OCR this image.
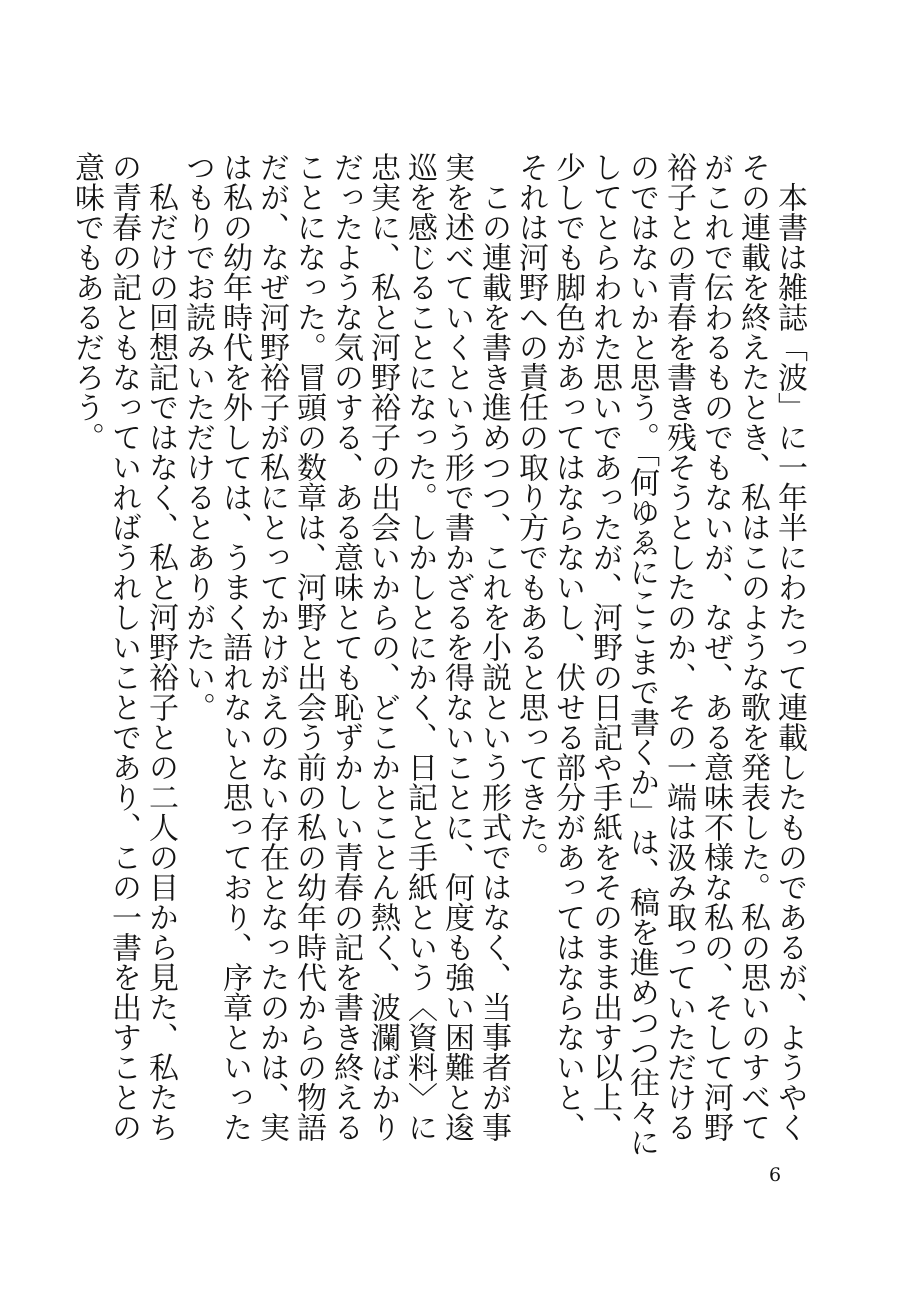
本書は雑誌「波」に一年半にわたって連載したものであるが、ようやくその連載を終えたとき、私はこのような歌を発表した。私の思いのすべてがこれで伝わるものでもないが、なぜ、ある意味不様な私の、そして河野裕子との青春を書き残そうとしたのか、その一端は汲み取っていただけるのではないかと思う。「何ゆゑにここまで書くか」は、稿を進めつつ往々にしてとらわれた思いであったが、河野の日記や手紙をそのまま出す以上、少しでも脚色があってはならないし、伏せる部分があってはならないと、それは河野への責任の取り方でもあると思ってきた。

この連載を書き進めつつ、これを小説という形式ではなく、当事者が事実を述べていくという形で書かざるを得ないことに、何度も強い困難と逡巡を感じることになった。しかしとにかく、日記と手紙という〈資料〉に忠実に、私と河野裕子の出会いからの、どこかとことん熱く、波瀾ばかりだったような気のする、ある意味とても恥ずかしい青春の記を書き終えることになった。冒頭の数章は、河野と出会う前の私の幼年時代からの物語だが、なぜ河野裕子が私にとってかけがえのない存在となったのかは、実は私の幼年時代を外しては、うまく語れないと思っており、序章といったつもりでお読みいただけるとありがたい。

私だけの回想記ではなく、私と河野裕子との二人の目から見た、私たちの青春の記ともなっていればうれしいことであり、この一書を出すことの意味でもあるだろう。

6
